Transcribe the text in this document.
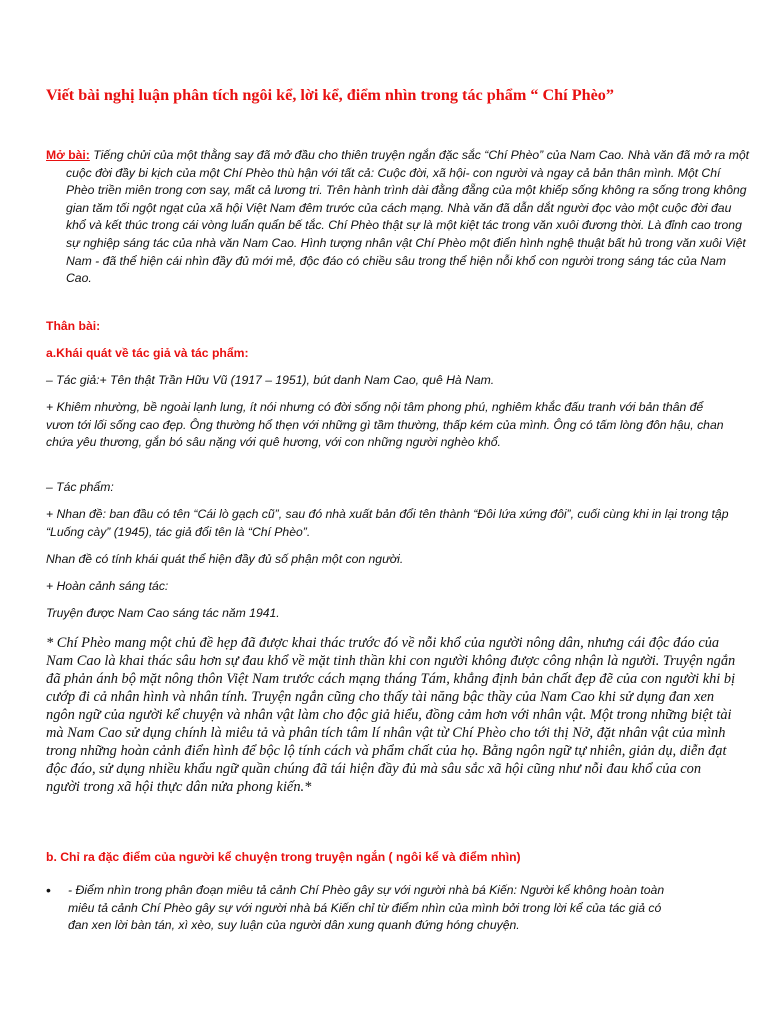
Viết bài nghị luận phân tích ngôi kể, lời kể, điểm nhìn trong tác phẩm “ Chí Phèo”
Mở bài: Tiếng chửi của một thằng say đã mở đầu cho thiên truyện ngắn đặc sắc “Chí Phèo” của Nam Cao. Nhà văn đã mở ra một cuộc đời đầy bi kịch của một Chí Phèo thù hận với tất cả: Cuộc đời, xã hội- con người và ngay cả bản thân mình. Một Chí Phèo triền miên trong cơn say, mất cả lương tri. Trên hành trình dài đằng đẵng của một khiếp sống không ra sống trong không gian tăm tối ngột ngạt của xã hội Việt Nam đêm trước của cách mạng. Nhà văn đã dẫn dắt người đọc vào một cuộc đời đau khổ và kết thúc trong cái vòng luẩn quẩn bế tắc. Chí Phèo thật sự là một kiệt tác trong văn xuôi đương thời. Là đỉnh cao trong sự nghiệp sáng tác của nhà văn Nam Cao. Hình tượng nhân vật Chí Phèo một điển hình nghệ thuật bất hủ trong văn xuôi Việt Nam - đã thể hiện cái nhìn đầy đủ mới mẻ, độc đáo có chiều sâu trong thể hiện nỗi khổ con người trong sáng tác của Nam Cao.
Thân bài:
a.Khái quát về tác giả và tác phẩm:
– Tác giả:+ Tên thật Trần Hữu Vũ (1917 – 1951), bút danh Nam Cao, quê Hà Nam.
+ Khiêm nhường, bề ngoài lạnh lung, ít nói nhưng có đời sống nội tâm phong phú, nghiêm khắc đấu tranh với bản thân để vươn tới lối sống cao đẹp. Ông thường hổ thẹn với những gì tầm thường, thấp kém của mình. Ông có tấm lòng đôn hậu, chan chứa yêu thương, gắn bó sâu nặng với quê hương, với con những người nghèo khổ.
– Tác phẩm:
+ Nhan đề: ban đầu có tên “Cái lò gạch cũ”, sau đó nhà xuất bản đổi tên thành “Đôi lứa xứng đôi”, cuối cùng khi in lại trong tập “Luống cày” (1945), tác giả đổi tên là “Chí Phèo”.
Nhan đề có tính khái quát thể hiện đầy đủ số phận một con người.
+ Hoàn cảnh sáng tác:
Truyện được Nam Cao sáng tác năm 1941.
* Chí Phèo mang một chủ đề hẹp đã được khai thác trước đó về nỗi khổ của người nông dân, nhưng cái độc đáo của Nam Cao là khai thác sâu hơn sự đau khổ về mặt tinh thần khi con người không được công nhận là người. Truyện ngắn đã phản ánh bộ mặt nông thôn Việt Nam trước cách mạng tháng Tám, khẳng định bản chất đẹp đẽ của con người khi bị cướp đi cả nhân hình và nhân tính. Truyện ngắn cũng cho thấy tài năng bậc thầy của Nam Cao khi sử dụng đan xen ngôn ngữ của người kể chuyện và nhân vật làm cho độc giả hiểu, đồng cảm hơn với nhân vật. Một trong những biệt tài mà Nam Cao sử dụng chính là miêu tả và phân tích tâm lí nhân vật từ Chí Phèo cho tới thị Nở, đặt nhân vật của mình trong những hoàn cảnh điển hình để bộc lộ tính cách và phẩm chất của họ. Bằng ngôn ngữ tự nhiên, giản dụ, diễn đạt độc đáo, sử dụng nhiều khẩu ngữ quần chúng đã tái hiện đầy đủ mà sâu sắc xã hội cũng như nỗi đau khổ của con người trong xã hội thực dân nửa phong kiến.*
b. Chỉ ra đặc điểm của người kể chuyện trong truyện ngắn ( ngôi kể và điểm nhìn)
•	- Điểm nhìn trong phân đoạn miêu tả cảnh Chí Phèo gây sự với người nhà bá Kiến: Người kể không hoàn toàn miêu tả cảnh Chí Phèo gây sự với người nhà bá Kiến chỉ từ điểm nhìn của mình bởi trong lời kể của tác giả có đan xen lời bàn tán, xì xèo, suy luận của người dân xung quanh đứng hóng chuyện.
